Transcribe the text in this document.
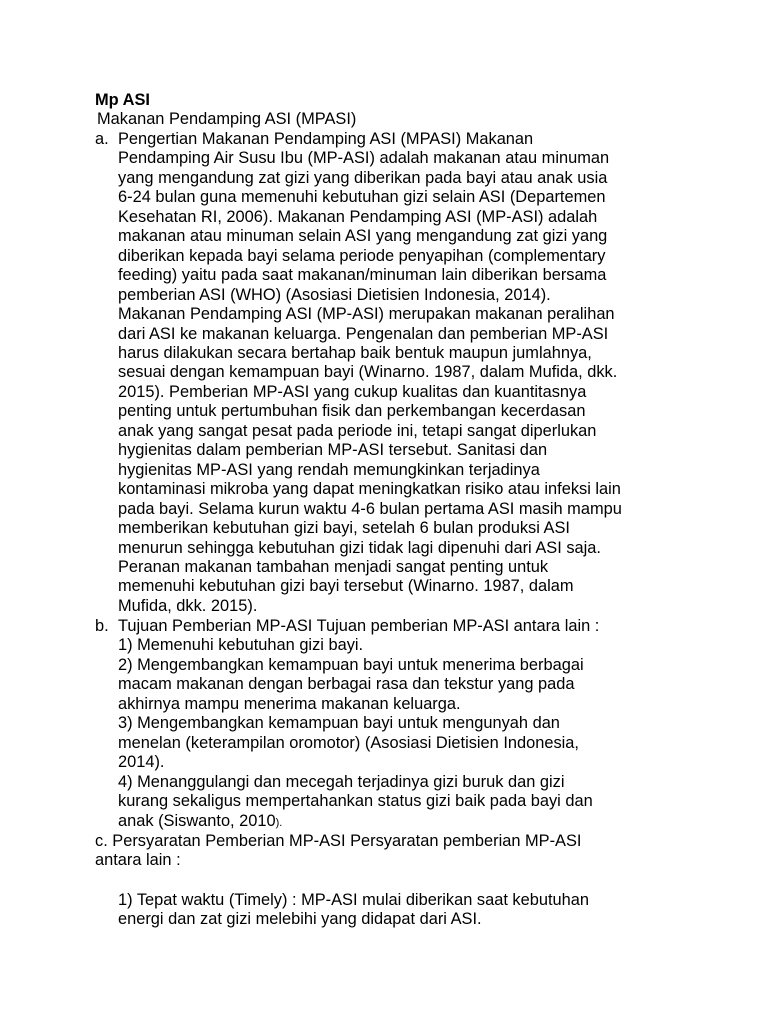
Mp ASI

Makanan Pendamping ASI (MPASI)

a. Pengertian Makanan Pendamping ASI (MPASI) Makanan
Pendamping Air Susu Ibu (MP-ASI) adalah makanan atau minuman
yang mengandung zat gizi yang diberikan pada bayi atau anak usia
6-24 bulan guna memenuhi kebutuhan gizi selain ASI (Departemen
Kesehatan RI, 2006). Makanan Pendamping ASI (MP-ASI) adalah
makanan atau minuman selain ASI yang mengandung zat gizi yang
diberikan kepada bayi selama periode penyapihan (complementary
feeding) yaitu pada saat makanan/minuman lain diberikan bersama
pemberian ASI (WHO) (Asosiasi Dietisien Indonesia, 2014).
Makanan Pendamping ASI (MP-ASI) merupakan makanan peralihan
dari ASI ke makanan keluarga. Pengenalan dan pemberian MP-ASI
harus dilakukan secara bertahap baik bentuk maupun jumlahnya,
sesuai dengan kemampuan bayi (Winarno. 1987, dalam Mufida, dkk.
2015). Pemberian MP-ASI yang cukup kualitas dan kuantitasnya
penting untuk pertumbuhan fisik dan perkembangan kecerdasan
anak yang sangat pesat pada periode ini, tetapi sangat diperlukan
hygienitas dalam pemberian MP-ASI tersebut. Sanitasi dan
hygienitas MP-ASI yang rendah memungkinkan terjadinya
kontaminasi mikroba yang dapat meningkatkan risiko atau infeksi lain
pada bayi. Selama kurun waktu 4-6 bulan pertama ASI masih mampu
memberikan kebutuhan gizi bayi, setelah 6 bulan produksi ASI
menurun sehingga kebutuhan gizi tidak lagi dipenuhi dari ASI saja.
Peranan makanan tambahan menjadi sangat penting untuk
memenuhi kebutuhan gizi bayi tersebut (Winarno. 1987, dalam
Mufida, dkk. 2015).
b. Tujuan Pemberian MP-ASI Tujuan pemberian MP-ASI antara lain :
1) Memenuhi kebutuhan gizi bayi.
2) Mengembangkan kemampuan bayi untuk menerima berbagai
macam makanan dengan berbagai rasa dan tekstur yang pada
akhirnya mampu menerima makanan keluarga.
3) Mengembangkan kemampuan bayi untuk mengunyah dan
menelan (keterampilan oromotor) (Asosiasi Dietisien Indonesia,
2014).
4) Menanggulangi dan mecegah terjadinya gizi buruk dan gizi
kurang sekaligus mempertahankan status gizi baik pada bayi dan
anak (Siswanto, 2010).
c. Persyaratan Pemberian MP-ASI Persyaratan pemberian MP-ASI
antara lain :
1) Tepat waktu (Timely) : MP-ASI mulai diberikan saat kebutuhan
energi dan zat gizi melebihi yang didapat dari ASI.
